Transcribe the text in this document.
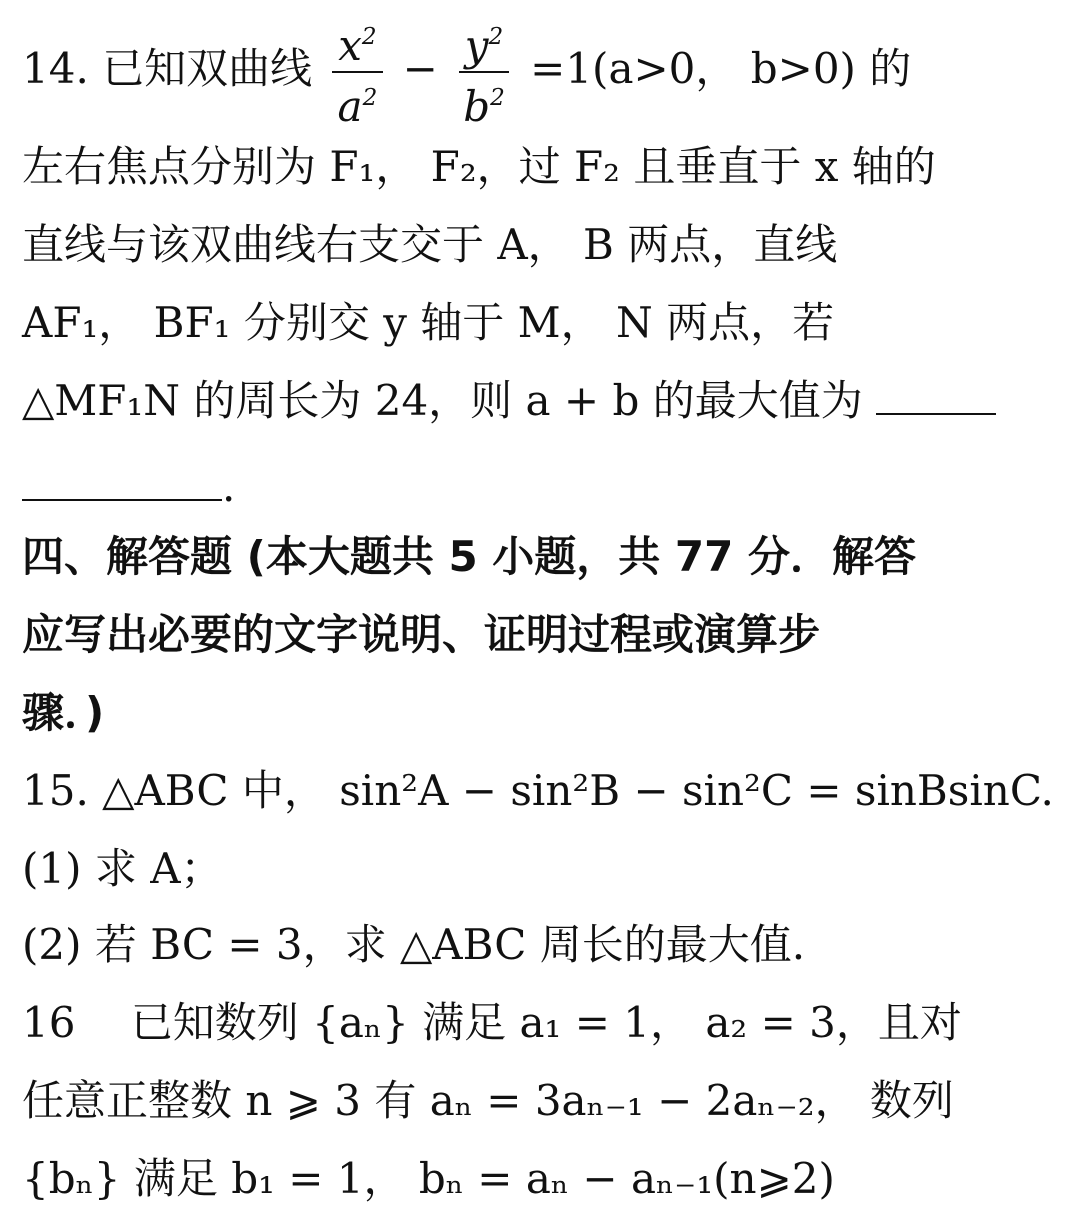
14. 已知双曲线 $\frac{x^2}{a^2} - \frac{y^2}{b^2} =1(a>0$， b>0) 的
左右焦点分别为 F₁， F₂，过 F₂ 且垂直于 x 轴的
直线与该双曲线右支交于 A， B 两点，直线
AF₁， BF₁ 分别交 y 轴于 M， N 两点，若
△MF₁N 的周长为 24，则 a + b 的最大值为
.
四、解答题 (本大题共 5 小题，共 77 分．解答
应写出必要的文字说明、证明过程或演算步
骤．)
15. △ABC 中， sin²A − sin²B − sin²C = sinBsinC.
(1) 求 A；
(2) 若 BC = 3，求 △ABC 周长的最大值.
16　 已知数列 {aₙ} 满足 a₁ = 1， a₂ = 3，且对
任意正整数 n ⩾ 3 有 aₙ = 3aₙ₋₁ − 2aₙ₋₂， 数列
{bₙ} 满足 b₁ = 1， bₙ = aₙ − aₙ₋₁(n⩾2)
